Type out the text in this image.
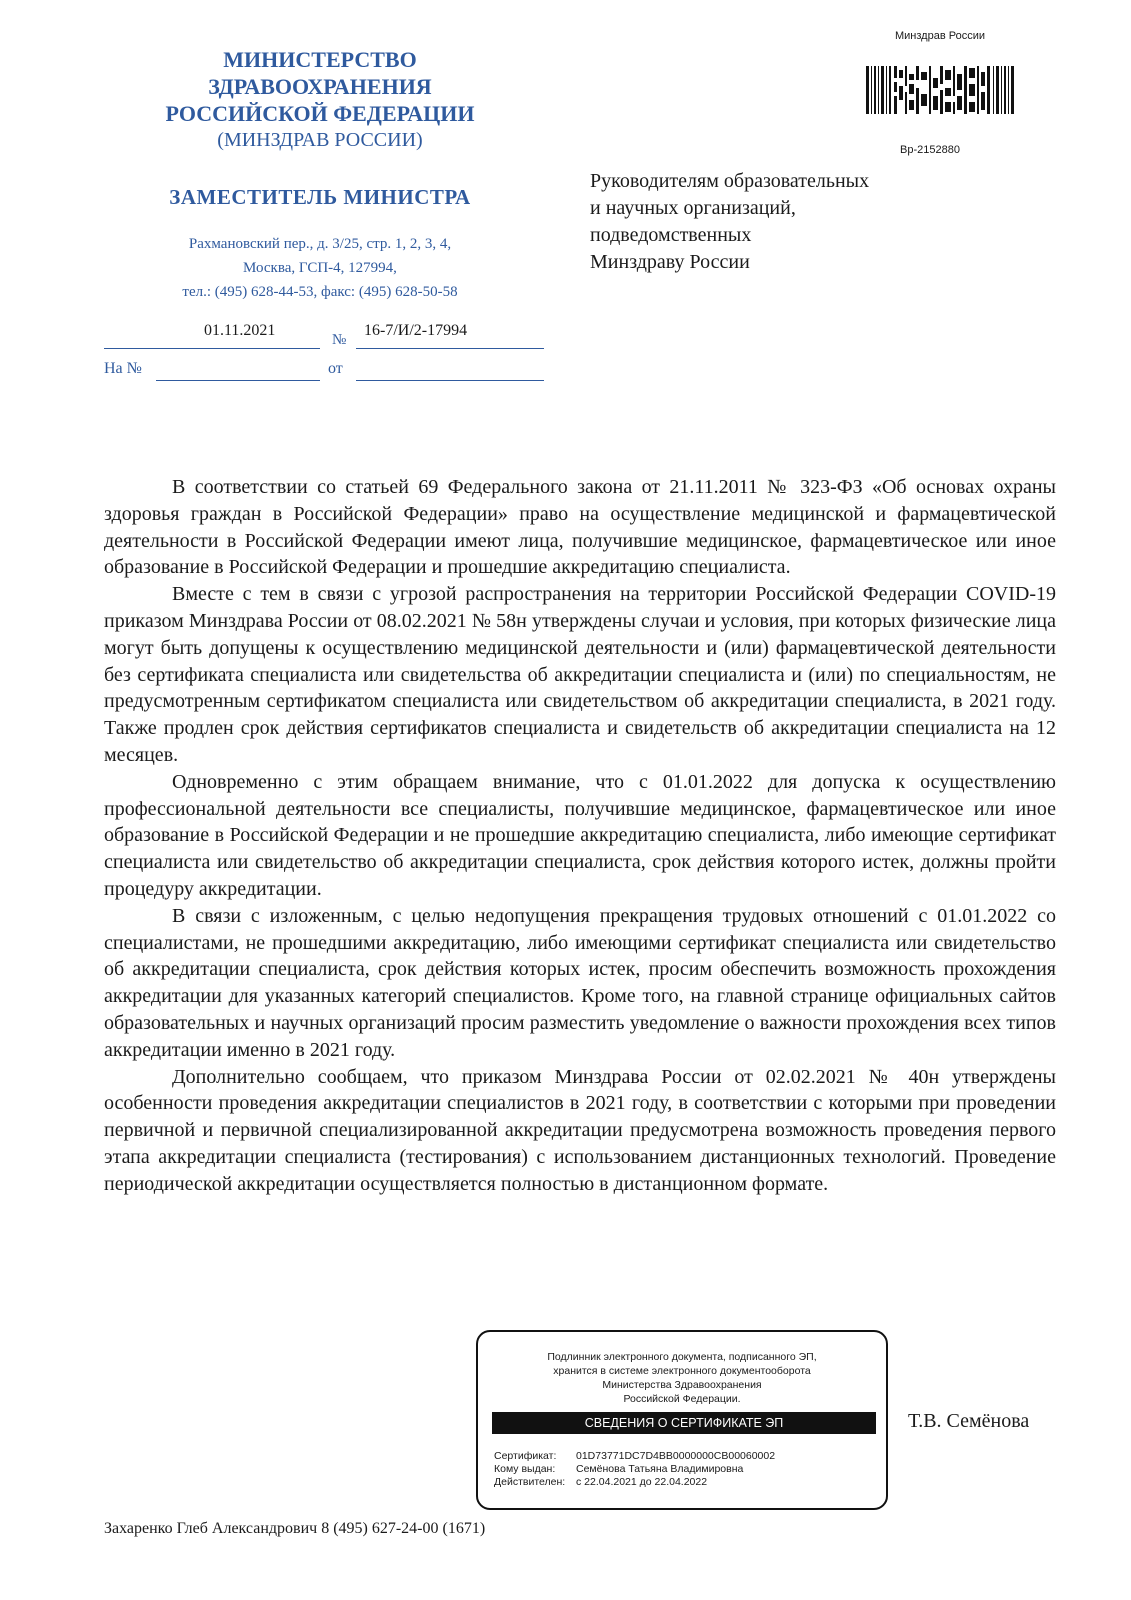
МИНИСТЕРСТВО

ЗДРАВООХРАНЕНИЯ

РОССИЙСКОЙ ФЕДЕРАЦИИ

(МИНЗДРАВ РОССИИ)

ЗАМЕСТИТЕЛЬ МИНИСТРА
Рахмановский пер., д. 3/25, стр. 1, 2, 3, 4,
Москва, ГСП-4, 127994,
тел.: (495) 628-44-53, факс: (495) 628-50-58
01.11.2021
№
16-7/И/2-17994
На №	от
Минздрав России
Вр-2152880
Руководителям образовательных
и научных организаций,
подведомственных
Минздраву России

В соответствии со статьей 69 Федерального закона от 21.11.2011 № 323-ФЗ «Об основах охраны здоровья граждан в Российской Федерации» право на осуществление медицинской и фармацевтической деятельности в Российской Федерации имеют лица, получившие медицинское, фармацевтическое или иное образование в Российской Федерации и прошедшие аккредитацию специалиста.

Вместе с тем в связи с угрозой распространения на территории Российской Федерации COVID-19 приказом Минздрава России от 08.02.2021 № 58н утверждены случаи и условия, при которых физические лица могут быть допущены к осуществлению медицинской деятельности и (или) фармацевтической деятельности без сертификата специалиста или свидетельства об аккредитации специалиста и (или) по специальностям, не предусмотренным сертификатом специалиста или свидетельством об аккредитации специалиста, в 2021 году. Также продлен срок действия сертификатов специалиста и свидетельств об аккредитации специалиста на 12 месяцев.

Одновременно с этим обращаем внимание, что с 01.01.2022 для допуска к осуществлению профессиональной деятельности все специалисты, получившие медицинское, фармацевтическое или иное образование в Российской Федерации и не прошедшие аккредитацию специалиста, либо имеющие сертификат специалиста или свидетельство об аккредитации специалиста, срок действия которого истек, должны пройти процедуру аккредитации.

В связи с изложенным, с целью недопущения прекращения трудовых отношений с 01.01.2022 со специалистами, не прошедшими аккредитацию, либо имеющими сертификат специалиста или свидетельство об аккредитации специалиста, срок действия которых истек, просим обеспечить возможность прохождения аккредитации для указанных категорий специалистов. Кроме того, на главной странице официальных сайтов образовательных и научных организаций просим разместить уведомление о важности прохождения всех типов аккредитации именно в 2021 году.

Дополнительно сообщаем, что приказом Минздрава России от 02.02.2021 № 40н утверждены особенности проведения аккредитации специалистов в 2021 году, в соответствии с которыми при проведении первичной и первичной специализированной аккредитации предусмотрена возможность проведения первого этапа аккредитации специалиста (тестирования) с использованием дистанционных технологий. Проведение периодической аккредитации осуществляется полностью в дистанционном формате.

Подлинник электронного документа, подписанного ЭП,
хранится в системе электронного документооборота
Министерства Здравоохранения
Российской Федерации.
СВЕДЕНИЯ О СЕРТИФИКАТЕ ЭП
Сертификат:	01D73771DC7D4BB0000000CB00060002
Кому выдан:	Семёнова Татьяна Владимировна
Действителен:	с 22.04.2021 до 22.04.2022
Т.В. Семёнова
Захаренко Глеб Александрович 8 (495) 627-24-00 (1671)
